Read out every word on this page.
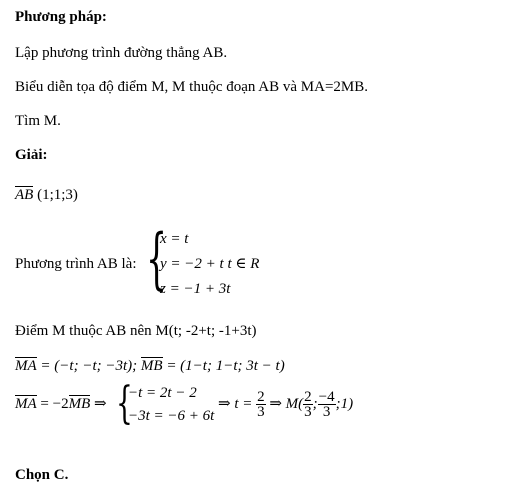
Phương pháp:
Lập phương trình đường thẳng AB.
Biểu diễn tọa độ điểm M, M thuộc đoạn AB và MA=2MB.
Tìm M.
Giải:
AB (1;1;3)
Phương trình AB là: {
x = t
y = −2 + t t ∈ R
z = −1 + 3t
Điểm M thuộc AB nên M(t; -2+t; -1+3t)
MA = (−t; −t; −3t); MB = (1−t; 1−t; 3t − t)
MA = −2MB ⇒ {
−t = 2t − 2
−3t = −6 + 6t
⇒ $t = \frac{2}{3}$ ⇒ $M( \frac{2}{3}$ ; $\frac{-4}{3}$ ;1)
Chọn C.
